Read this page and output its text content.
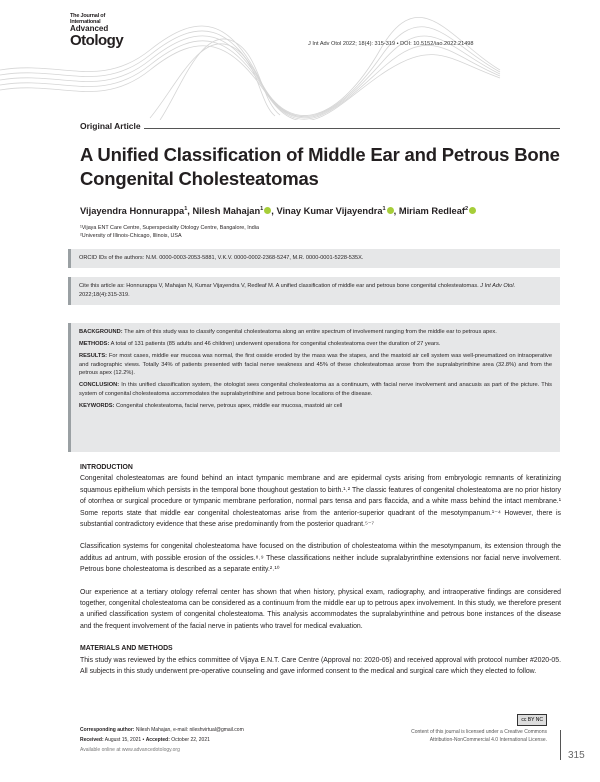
The Journal of
International
Advanced
Otology	J Int Adv Otol 2022; 18(4): 315-319 • DOI: 10.5152/iao.2022.21498
Original Article
A Unified Classification of Middle Ear and Petrous Bone Congenital Cholesteatomas
Vijayendra Honnurappa$^1$, Nilesh Mahajan$^1$ , Vinay Kumar Vijayendra$^1$ , Miriam Redleaf$^2$
¹Vijaya ENT Care Centre, Superspeciality Otology Centre, Bangalore, India
²University of Illinois-Chicago, Illinois, USA
ORCID IDs of the authors: N.M. 0000-0003-2053-5881, V.K.V. 0000-0002-2368-5247, M.R. 0000-0001-5228-535X.
Cite this article as: Honnurappa V, Mahajan N, Kumar Vijayendra V, Redleaf M. A unified classification of middle ear and petrous bone congenital cholesteatomas. J Int Adv Otol. 2022;18(4):315-319.

BACKGROUND: The aim of this study was to classify congenital cholesteatoma along an entire spectrum of involvement ranging from the middle ear to petrous apex.

METHODS: A total of 131 patients (85 adults and 46 children) underwent operations for congenital cholesteatoma over the duration of 27 years.

RESULTS: For most cases, middle ear mucosa was normal, the first osside eroded by the mass was the stapes, and the mastoid air cell system was well-pneumatized on intraoperative and radiographic views. Totally 34% of patients presented with facial nerve weakness and 45% of these cholesteatomas arose from the supralabyrinthine area (32.8%) and from the petrous apex (12.2%).

CONCLUSION: In this unified classification system, the otologist sees congenital cholesteatoma as a continuum, with facial nerve involvement and anacusis as part of the picture. This system of congenital cholesteatoma accommodates the supralabyrinthine and petrous bone locations of the disease.

KEYWORDS: Congenital cholesteatoma, facial nerve, petrous apex, middle ear mucosa, mastoid air cell

INTRODUCTION

Congenital cholesteatomas are found behind an intact tympanic membrane and are epidermal cysts arising from embryologic remnants of keratinizing squamous epithelium which persists in the temporal bone thoughout gestation to birth.¹˒² The classic features of congenital cholesteatoma are no prior history of otorrhea or surgical procedure or tympanic membrane perforation, normal pars tensa and pars flaccida, and a white mass behind the intact membrane.¹ Some reports state that middle ear congenital cholesteatomas arise from the anterior-superior quadrant of the mesotympanum.¹⁻⁴ However, there is substantial contradictory evidence that these arise predominantly from the posterior quadrant.⁵⁻⁷

Classification systems for congenital cholesteatoma have focused on the distribution of cholesteatoma within the mesotympanum, its extension through the additus ad antrum, with possible erosion of the ossicles.⁸˒⁹ These classifications neither include supralabyrinthine extensions nor facial nerve involvement. Petrous bone cholesteatoma is described as a separate entity.²˒¹⁰

Our experience at a tertiary otology referral center has shown that when history, physical exam, radiography, and intraoperative findings are considered together, congenital cholesteatoma can be considered as a continuum from the middle ear up to petrous apex involvement. In this study, we therefore present a unified classification system of congenital cholesteatoma. This analysis accommodates the supralabyrinthine and petrous bone instances of the disease and the frequent involvement of the facial nerve in patients who travel for medical evaluation.

MATERIALS AND METHODS

This study was reviewed by the ethics committee of Vijaya E.N.T. Care Centre (Approval no: 2020-05) and received approval with protocol number #2020-05. All subjects in this study underwent pre-operative counseling and gave informed consent to the medical and surgical care which they elected to follow.

Corresponding author: Nilesh Mahajan, e-mail: nileshvirtual@gmail.com
Received: August 15, 2021 • Accepted: October 22, 2021
Available online at www.advancedotology.org
cc BY NC
Content of this journal is licensed under a Creative Commons Attribution-NonCommercial 4.0 International License.
315
